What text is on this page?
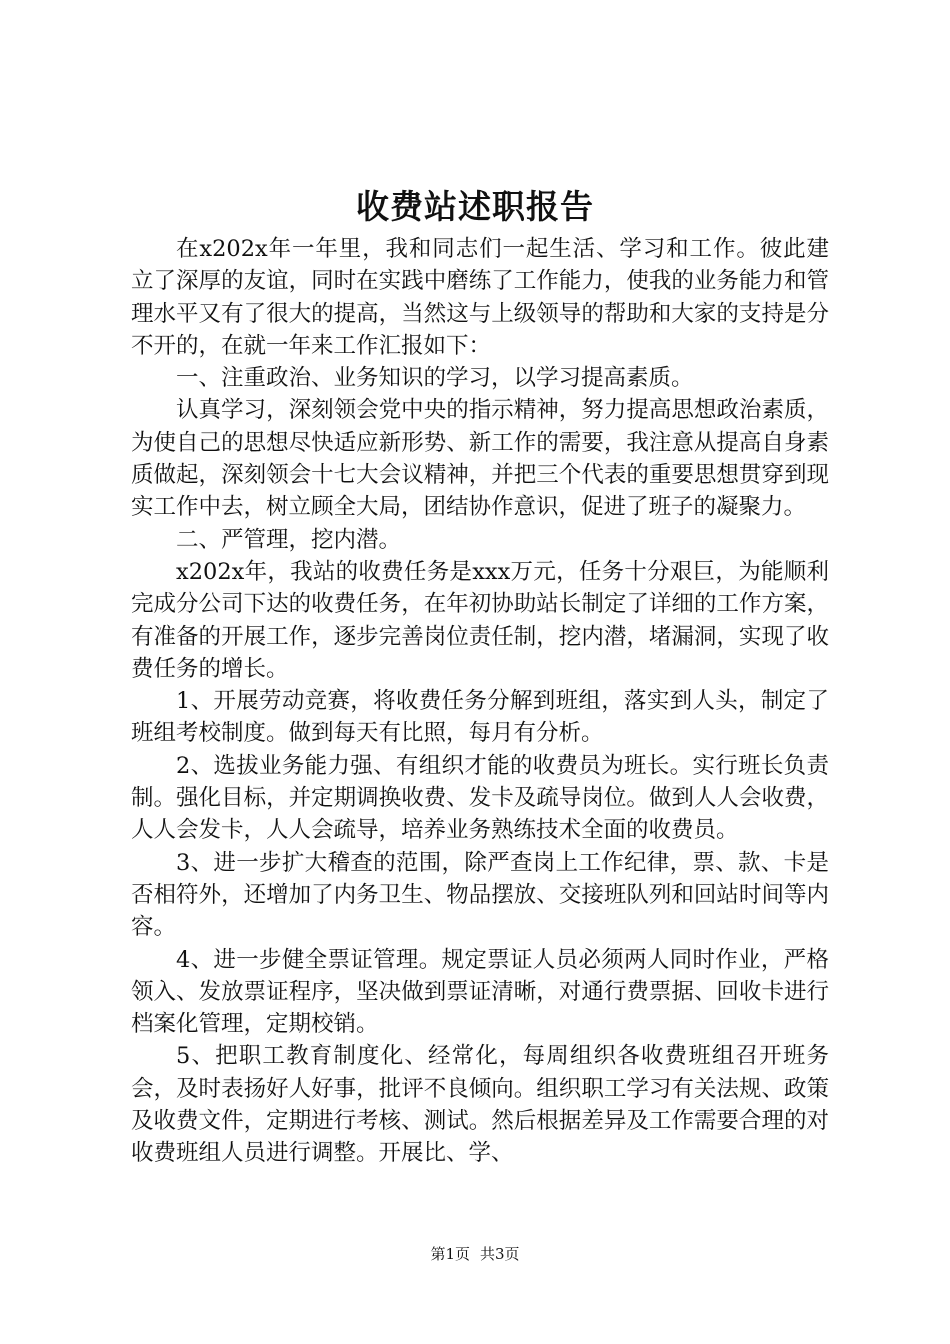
收费站述职报告

在x202x年一年里，我和同志们一起生活、学习和工作。彼此建立了深厚的友谊，同时在实践中磨练了工作能力，使我的业务能力和管理水平又有了很大的提高，当然这与上级领导的帮助和大家的支持是分不开的，在就一年来工作汇报如下：

一、注重政治、业务知识的学习，以学习提高素质。

认真学习，深刻领会党中央的指示精神，努力提高思想政治素质，为使自己的思想尽快适应新形势、新工作的需要，我注意从提高自身素质做起，深刻领会十七大会议精神，并把三个代表的重要思想贯穿到现实工作中去，树立顾全大局，团结协作意识，促进了班子的凝聚力。

二、严管理，挖内潜。

x202x年，我站的收费任务是xxx万元，任务十分艰巨，为能顺利完成分公司下达的收费任务，在年初协助站长制定了详细的工作方案，有准备的开展工作，逐步完善岗位责任制，挖内潜，堵漏洞，实现了收费任务的增长。

1、开展劳动竞赛，将收费任务分解到班组，落实到人头，制定了班组考校制度。做到每天有比照，每月有分析。

2、选拔业务能力强、有组织才能的收费员为班长。实行班长负责制。强化目标，并定期调换收费、发卡及疏导岗位。做到人人会收费，人人会发卡，人人会疏导，培养业务熟练技术全面的收费员。

3、进一步扩大稽查的范围，除严查岗上工作纪律，票、款、卡是否相符外，还增加了内务卫生、物品摆放、交接班队列和回站时间等内容。

4、进一步健全票证管理。规定票证人员必须两人同时作业，严格领入、发放票证程序，坚决做到票证清晰，对通行费票据、回收卡进行档案化管理，定期校销。

5、把职工教育制度化、经常化，每周组织各收费班组召开班务会，及时表扬好人好事，批评不良倾向。组织职工学习有关法规、政策及收费文件，定期进行考核、测试。然后根据差异及工作需要合理的对收费班组人员进行调整。开展比、学、

第1页 共3页
